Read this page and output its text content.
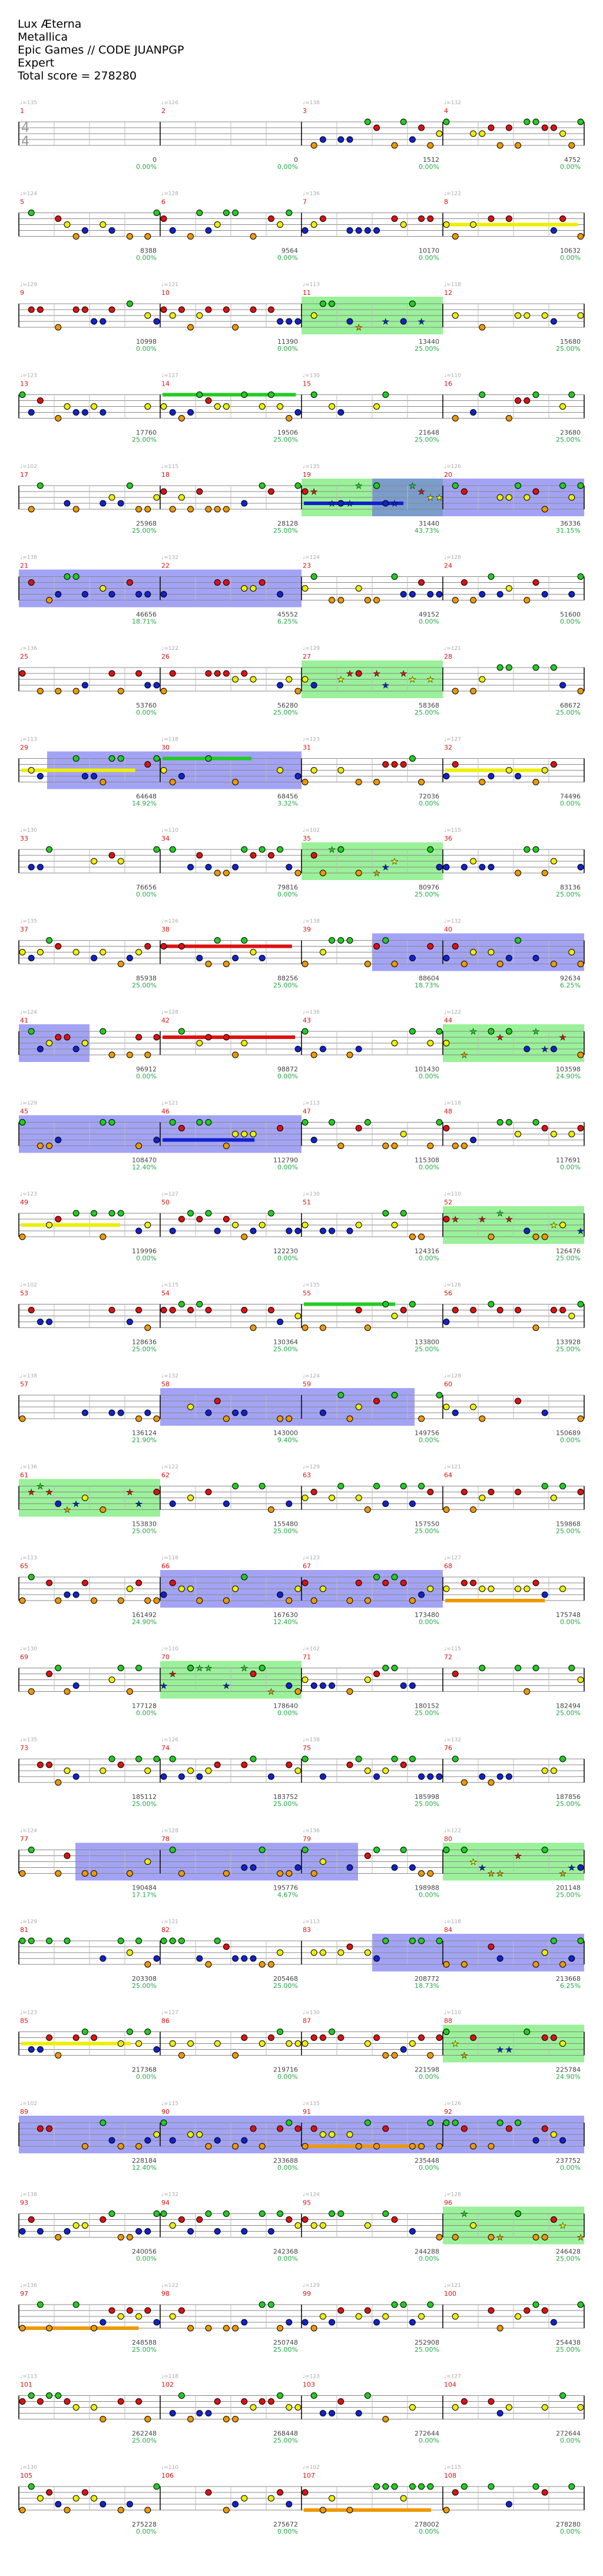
Lux Æterna
Metallica
Epic Games // CODE JUANPGP
Expert
Total score = 278280
♩=135	♩=126	♩=138	♩=132
4
4
1
0
0.00%
2
0
0.00%
3
1512
0.00%
4
4752
0.00%
♩=124	♩=128	♩=136	♩=122
5
8388
0.00%
6
9564
0.00%
7
10170
0.00%
8
10632
0.00%
♩=129	♩=121	♩=113	♩=118
9
10998
0.00%
10
11390
0.00%
11
13440
25.00%
12
15680
25.00%
★
★	★
♩=123	♩=127	♩=130	♩=110
13
17760
25.00%
14
19506
25.00%
15
21648
25.00%
16
23680
25.00%
♩=102	♩=115	♩=135	♩=126
17
25968
25.00%
18
28128
25.00%
19
31440
43.73%
20
36336
31.15%
★
★ ★
★
★
★
★
★ ★
♩=138	♩=132	♩=124	♩=128
21
46656
18.71%
22
45552
6.25%
23
49152
0.00%
24
51600
0.00%
♩=136	♩=122	♩=129	♩=121
25
53760
0.00%
26
56280
25.00%
27
58368
25.00%
28
68672
25.00%
★
★ ★
★
★
★ ★
♩=113	♩=118	♩=123	♩=127
29
64648
14.92%
30
68456
3.32%
31
72036
0.00%
32
74496
0.00%
♩=130	♩=110	♩=102	♩=115
33
76656
0.00%
34
79816
0.00%
35
80976
25.00%
36
83136
25.00%
★
★
★
★
♩=135	♩=126	♩=138	♩=132
37
85938
25.00%
38
88256
25.00%
39
88604
18.73%
40
92634
6.25%
♩=124	♩=128	♩=136	♩=122
41
96912
0.00%
42
98872
0.00%
43
101430
0.00%
44
103598
24.90%
★
★
★
★
★
★
♩=129	♩=121	♩=113	♩=118
45
108470
12.40%
46
112790
0.00%
47
115308
0.00%
48
117691
0.00%
♩=123	♩=127	♩=130	♩=110
49
119996
0.00%
50
122230
0.00%
51
124316
0.00%
52
126476
25.00%
★ ★
★
★
★
★
♩=102	♩=115	♩=135	♩=126
53
128636
25.00%
54
130364
25.00%
55
133800
25.00%
56
133928
25.00%
♩=138	♩=132	♩=124	♩=128
57
136124
21.90%
58
143000
9.40%
59
149756
0.00%
60
150689
0.00%
♩=136	♩=122	♩=129	♩=121
61
153830
25.00%
62
155480
25.00%
63
157550
25.00%
64
159868
25.00%
★
★
★
★
★
★
★
♩=113	♩=118	♩=123	♩=127
65
161492
24.90%
66
167630
12.40%
67
173480
0.00%
68
175748
0.00%
♩=130	♩=110	♩=102	♩=115
69
177128
0.00%
70
178640
0.00%
71
180152
25.00%
72
182494
25.00%
★
★
★ ★
★
★
★
♩=135	♩=126	♩=138	♩=132
73
185112
25.00%
74
183752
25.00%
75
185998
25.00%
76
187856
25.00%
♩=124	♩=128	♩=136	♩=122
77
190484
17.17%
78
195776
4.67%
79
198988
0.00%
80
201148
25.00%
★
★
★ ★
★
★
★
♩=129	♩=121	♩=113	♩=118
81
203308
25.00%
82
205468
25.00%
83
208772
18.73%
84
213668
6.25%
♩=123	♩=127	♩=130	♩=110
85
217368
0.00%
86
219716
0.00%
87
221598
0.00%
88
225784
24.90%
★
★
★ ★
♩=102	♩=115	♩=135	♩=126
89
228184
12.40%
90
233688
0.00%
91
235448
0.00%
92
237752
0.00%
♩=138	♩=132	♩=124	♩=128
93
240056
0.00%
94
242368
0.00%
95
244288
0.00%
96
246428
25.00%
★
★
★
★
♩=136	♩=122	♩=129	♩=121
97
248588
25.00%
98
250748
25.00%
99
252908
25.00%
100
254438
25.00%
♩=113	♩=118	♩=123	♩=127
101
262248
25.00%
102
268448
25.00%
103
272644
0.00%
104
272644
0.00%
♩=130	♩=110	♩=102	♩=115
105
275228
0.00%
106
275672
0.00%
107
278002
0.00%
108
278280
0.00%
